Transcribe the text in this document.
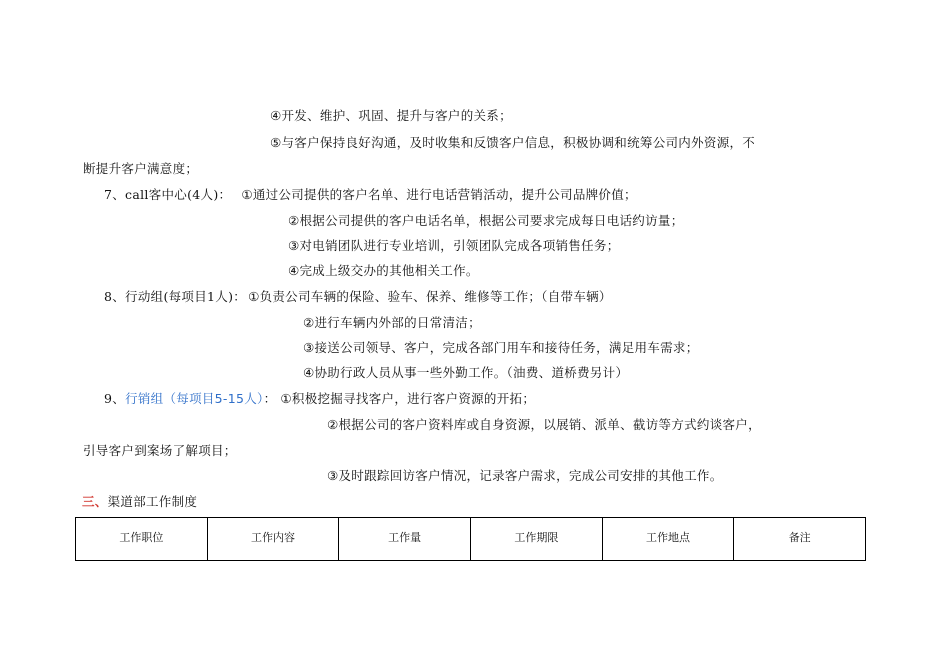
④开发、维护、巩固、提升与客户的关系；
⑤与客户保持良好沟通，及时收集和反馈客户信息，积极协调和统筹公司内外资源，不
断提升客户满意度；
7、call客中心(4人)： ①通过公司提供的客户名单、进行电话营销活动，提升公司品牌价值；
②根据公司提供的客户电话名单，根据公司要求完成每日电话约访量；
③对电销团队进行专业培训，引领团队完成各项销售任务；
④完成上级交办的其他相关工作。
8、行动组(每项目1人)： ①负责公司车辆的保险、验车、保养、维修等工作；（自带车辆）
②进行车辆内外部的日常清洁；
③接送公司领导、客户，完成各部门用车和接待任务，满足用车需求；
④协助行政人员从事一些外勤工作。（油费、道桥费另计）
9、行销组（每项目5-15人）： ①积极挖掘寻找客户，进行客户资源的开拓；
②根据公司的客户资料库或自身资源，以展销、派单、截访等方式约谈客户，
引导客户到案场了解项目；
③及时跟踪回访客户情况，记录客户需求，完成公司安排的其他工作。
三、渠道部工作制度
工作职位	工作内容	工作量	工作期限	工作地点	备注
